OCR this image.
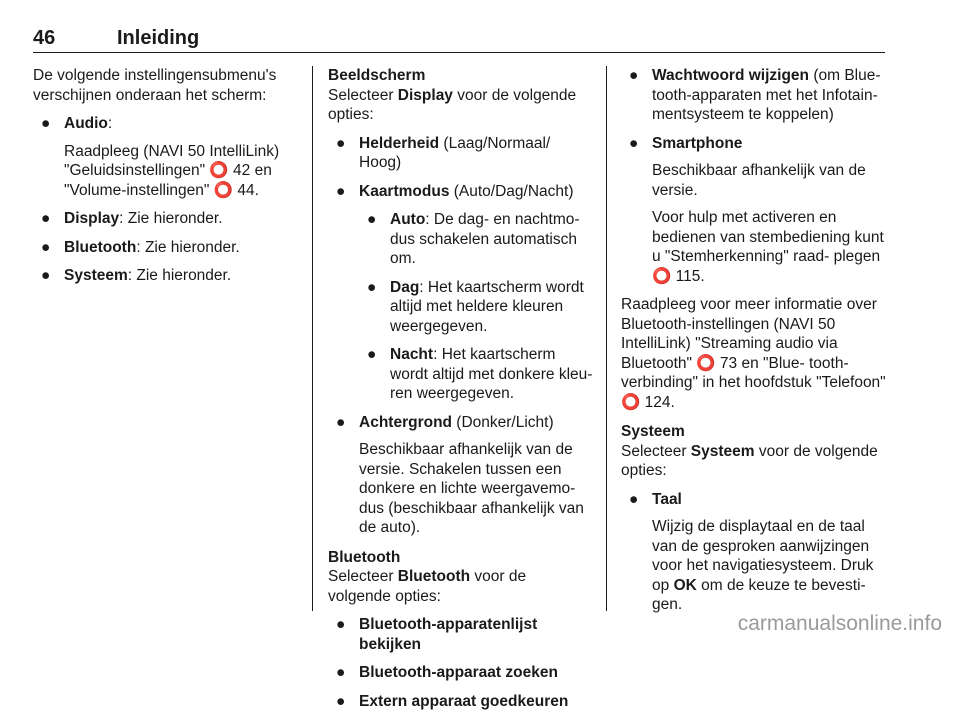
46	Inleiding

De volgende instellingensubmenu's verschijnen onderaan het scherm:

● Audio:

Raadpleeg (NAVI 50 IntelliLink) "Geluidsinstellingen" ⭕ 42 en "Volume-instellingen" ⭕ 44.

● Display: Zie hieronder.

● Bluetooth: Zie hieronder.

● Systeem: Zie hieronder.

Beeldscherm

Selecteer Display voor de volgende opties:

● Helderheid (Laag/Normaal/ Hoog)

● Kaartmodus (Auto/Dag/Nacht)

● Auto: De dag- en nachtmo- dus schakelen automatisch om.

● Dag: Het kaartscherm wordt altijd met heldere kleuren weergegeven.

● Nacht: Het kaartscherm wordt altijd met donkere kleu- ren weergegeven.

● Achtergrond (Donker/Licht)

Beschikbaar afhankelijk van de versie. Schakelen tussen een donkere en lichte weergavemo- dus (beschikbaar afhankelijk van de auto).

Bluetooth

Selecteer Bluetooth voor de volgende opties:

● Bluetooth-apparatenlijst bekijken

● Bluetooth-apparaat zoeken

● Extern apparaat goedkeuren

● Wachtwoord wijzigen (om Blue- tooth-apparaten met het Infotain- mentsysteem te koppelen)

● Smartphone

Beschikbaar afhankelijk van de versie.

Voor hulp met activeren en bedienen van stembediening kunt u "Stemherkenning" raad- plegen ⭕ 115.

Raadpleeg voor meer informatie over Bluetooth-instellingen (NAVI 50 IntelliLink) "Streaming audio via Bluetooth" ⭕ 73 en "Blue- tooth-verbinding" in het hoofdstuk "Telefoon" ⭕ 124.

Systeem

Selecteer Systeem voor de volgende opties:

● Taal

Wijzig de displaytaal en de taal van de gesproken aanwijzingen voor het navigatiesysteem. Druk op OK om de keuze te bevesti- gen.

carmanualsonline.info
